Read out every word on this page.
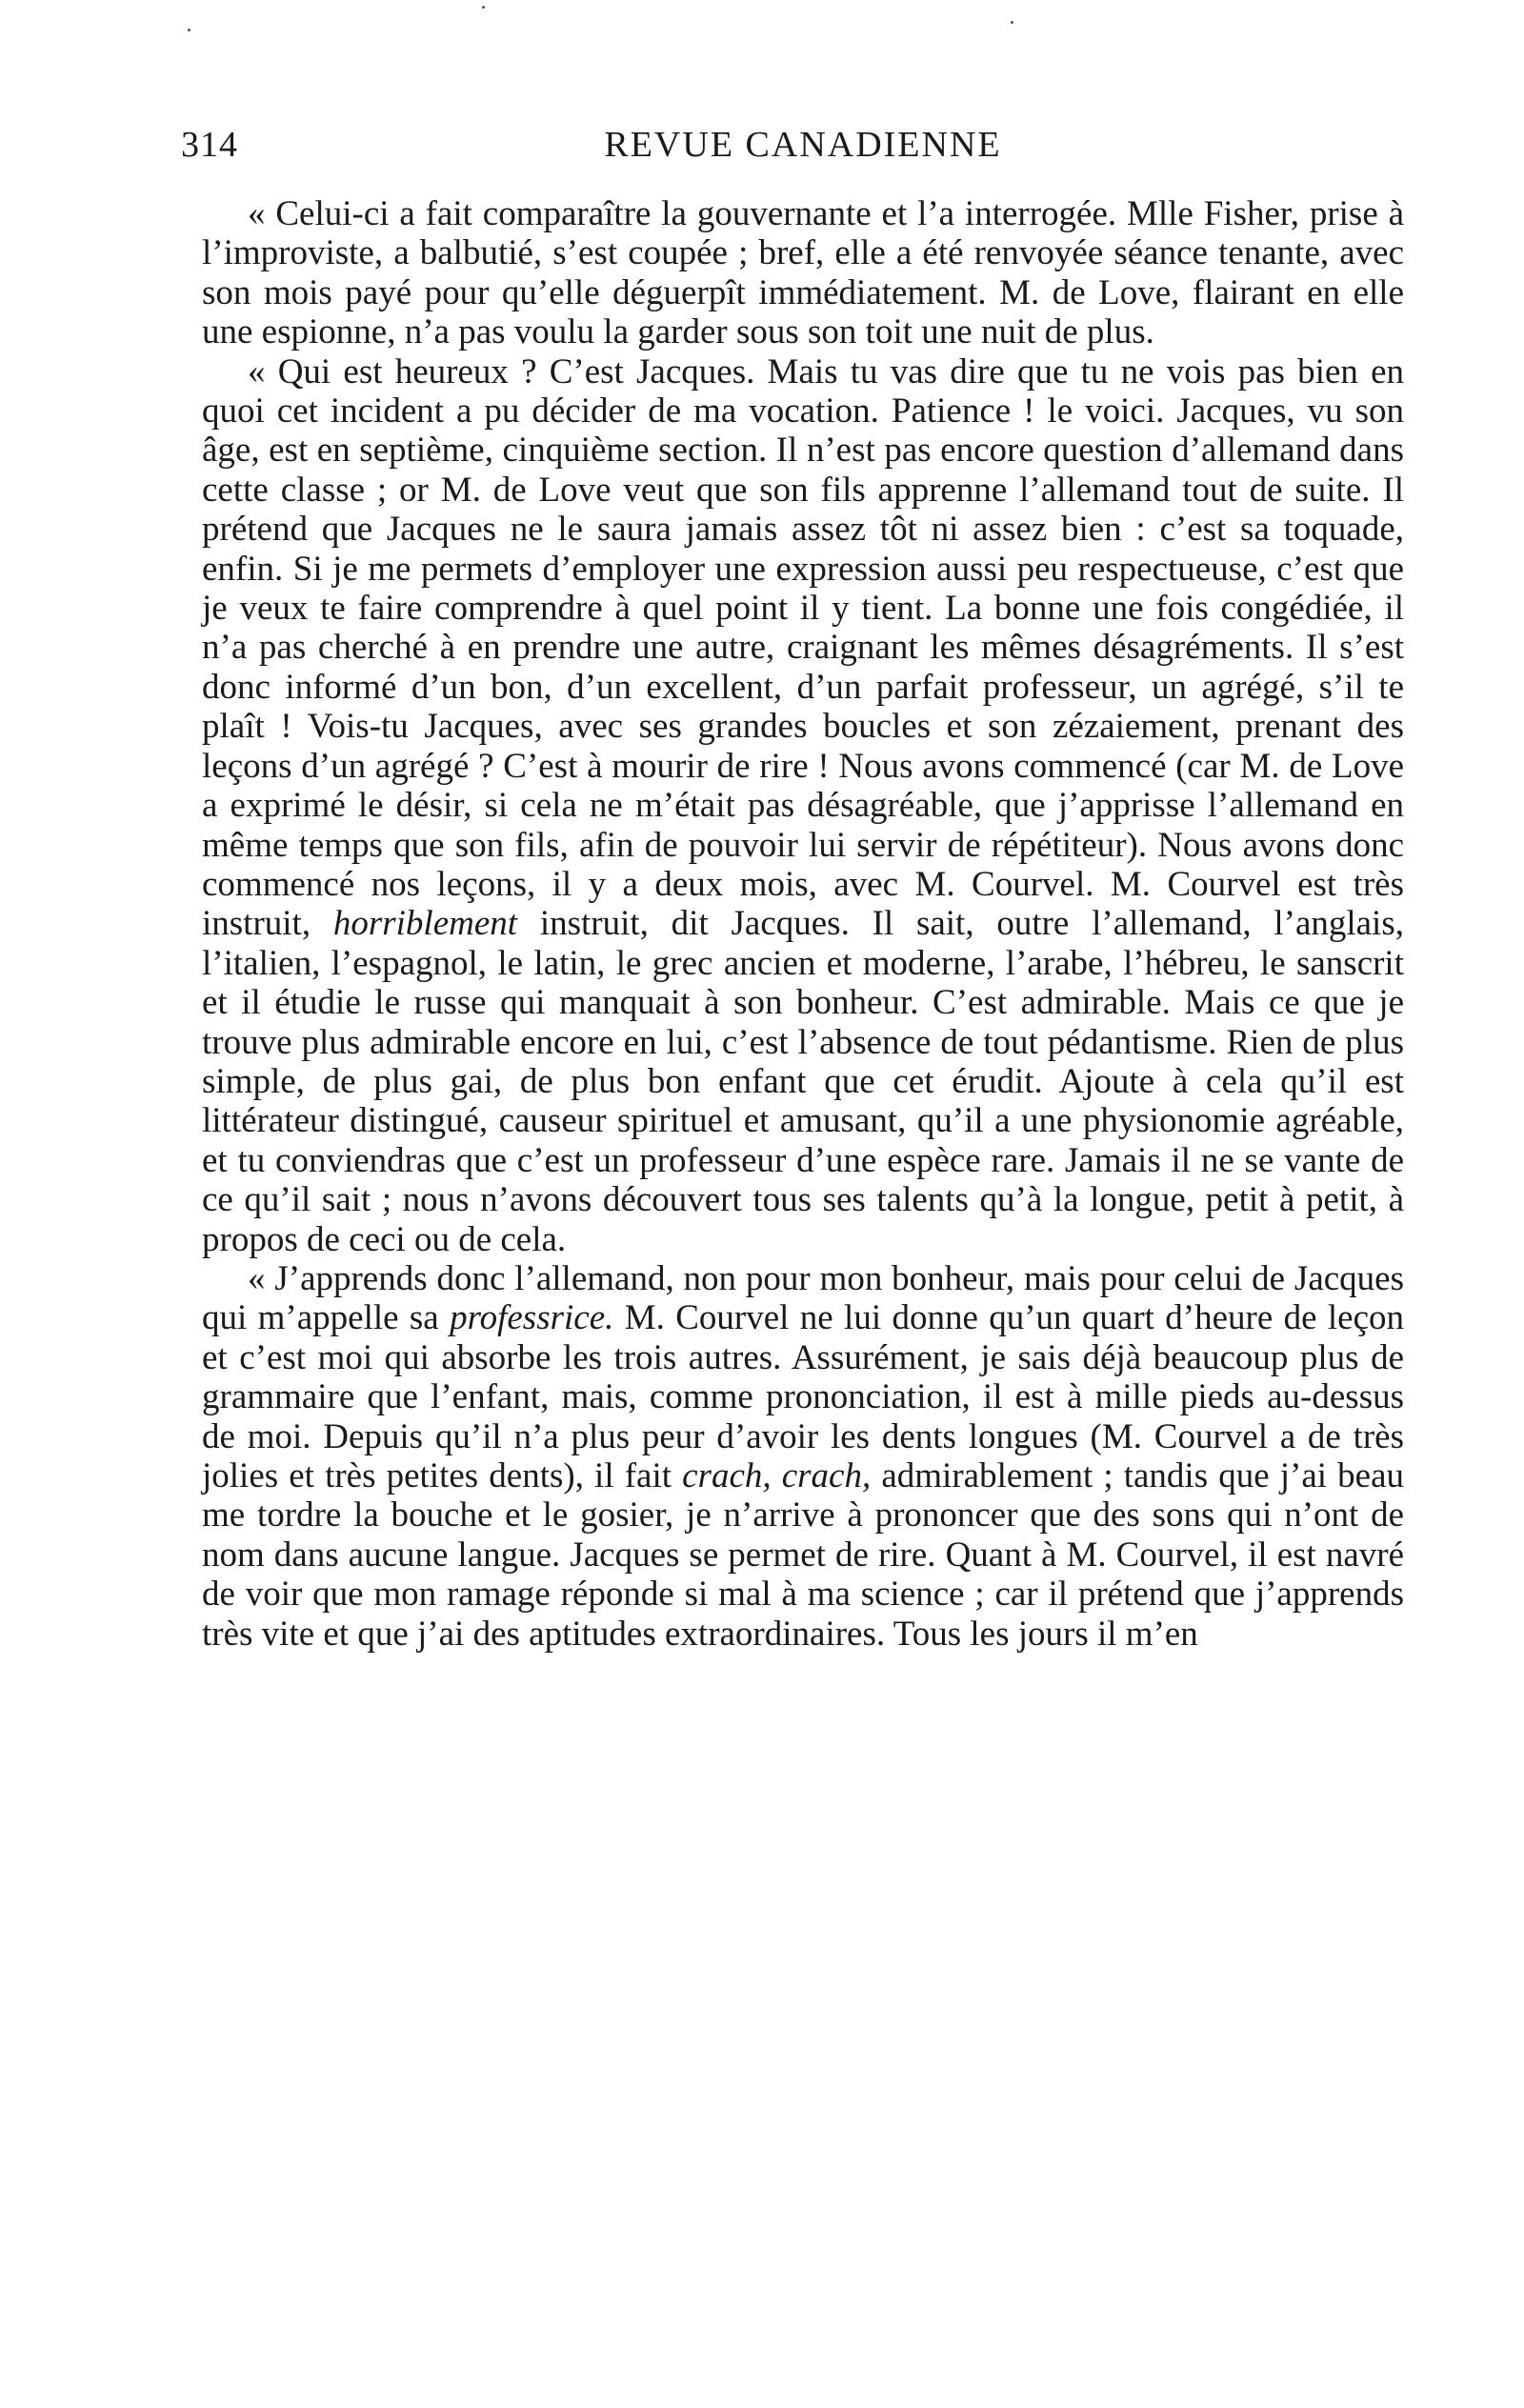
314	REVUE CANADIENNE

« Celui-ci a fait comparaître la gouvernante et l’a interrogée. Mlle Fisher, prise à l’improviste, a balbutié, s’est coupée ; bref, elle a été renvoyée séance tenante, avec son mois payé pour qu’elle déguerpît immédiatement. M. de Love, flairant en elle une espionne, n’a pas voulu la garder sous son toit une nuit de plus.

« Qui est heureux ? C’est Jacques. Mais tu vas dire que tu ne vois pas bien en quoi cet incident a pu décider de ma vocation. Patience ! le voici. Jacques, vu son âge, est en septième, cinquième section. Il n’est pas encore question d’allemand dans cette classe ; or M. de Love veut que son fils apprenne l’allemand tout de suite. Il prétend que Jacques ne le saura jamais assez tôt ni assez bien : c’est sa toquade, enfin. Si je me permets d’employer une expression aussi peu respectueuse, c’est que je veux te faire comprendre à quel point il y tient. La bonne une fois congédiée, il n’a pas cherché à en prendre une autre, craignant les mêmes désagréments. Il s’est donc informé d’un bon, d’un excellent, d’un parfait professeur, un agrégé, s’il te plaît ! Vois-tu Jacques, avec ses grandes boucles et son zézaiement, prenant des leçons d’un agrégé ? C’est à mourir de rire ! Nous avons commencé (car M. de Love a exprimé le désir, si cela ne m’était pas désagréable, que j’apprisse l’allemand en même temps que son fils, afin de pouvoir lui servir de répétiteur). Nous avons donc commencé nos leçons, il y a deux mois, avec M. Courvel. M. Courvel est très instruit, horriblement instruit, dit Jacques. Il sait, outre l’allemand, l’anglais, l’italien, l’espagnol, le latin, le grec ancien et moderne, l’arabe, l’hébreu, le sanscrit et il étudie le russe qui manquait à son bonheur. C’est admirable. Mais ce que je trouve plus admirable encore en lui, c’est l’absence de tout pédantisme. Rien de plus simple, de plus gai, de plus bon enfant que cet érudit. Ajoute à cela qu’il est littérateur distingué, causeur spirituel et amusant, qu’il a une physionomie agréable, et tu conviendras que c’est un professeur d’une espèce rare. Jamais il ne se vante de ce qu’il sait ; nous n’avons découvert tous ses talents qu’à la longue, petit à petit, à propos de ceci ou de cela.

« J’apprends donc l’allemand, non pour mon bonheur, mais pour celui de Jacques qui m’appelle sa professrice. M. Courvel ne lui donne qu’un quart d’heure de leçon et c’est moi qui absorbe les trois autres. Assurément, je sais déjà beaucoup plus de grammaire que l’enfant, mais, comme prononciation, il est à mille pieds au-dessus de moi. Depuis qu’il n’a plus peur d’avoir les dents longues (M. Courvel a de très jolies et très petites dents), il fait crach, crach, admirablement ; tandis que j’ai beau me tordre la bouche et le gosier, je n’arrive à prononcer que des sons qui n’ont de nom dans aucune langue. Jacques se permet de rire. Quant à M. Courvel, il est navré de voir que mon ramage réponde si mal à ma science ; car il prétend que j’apprends très vite et que j’ai des aptitudes extraordinaires. Tous les jours il m’en
